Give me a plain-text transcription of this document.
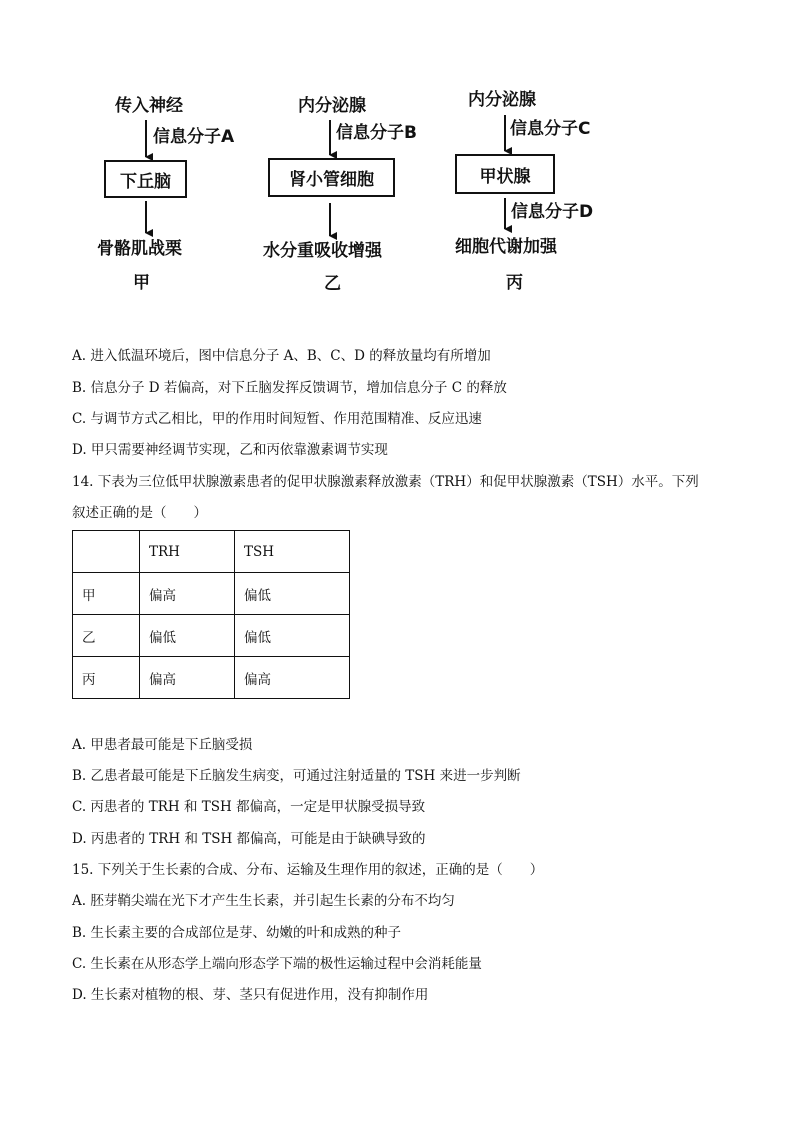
传入神经
信息分子A
下丘脑
骨骼肌战栗
甲
内分泌腺
信息分子B
肾小管细胞
水分重吸收增强
乙
内分泌腺
信息分子C
甲状腺
信息分子D
细胞代谢加强
丙
A. 进入低温环境后，图中信息分子 A、B、C、D 的释放量均有所增加
B. 信息分子 D 若偏高，对下丘脑发挥反馈调节，增加信息分子 C 的释放
C. 与调节方式乙相比，甲的作用时间短暂、作用范围精准、反应迅速
D. 甲只需要神经调节实现，乙和丙依靠激素调节实现
14. 下表为三位低甲状腺激素患者的促甲状腺激素释放激素（TRH）和促甲状腺激素（TSH）水平。下列
叙述正确的是（　　）
	TRH	TSH
甲	偏高	偏低
乙	偏低	偏低
丙	偏高	偏高
A. 甲患者最可能是下丘脑受损
B. 乙患者最可能是下丘脑发生病变，可通过注射适量的 TSH 来进一步判断
C. 丙患者的 TRH 和 TSH 都偏高，一定是甲状腺受损导致
D. 丙患者的 TRH 和 TSH 都偏高，可能是由于缺碘导致的
15. 下列关于生长素的合成、分布、运输及生理作用的叙述，正确的是（　　）
A. 胚芽鞘尖端在光下才产生生长素，并引起生长素的分布不均匀
B. 生长素主要的合成部位是芽、幼嫩的叶和成熟的种子
C. 生长素在从形态学上端向形态学下端的极性运输过程中会消耗能量
D. 生长素对植物的根、芽、茎只有促进作用，没有抑制作用
